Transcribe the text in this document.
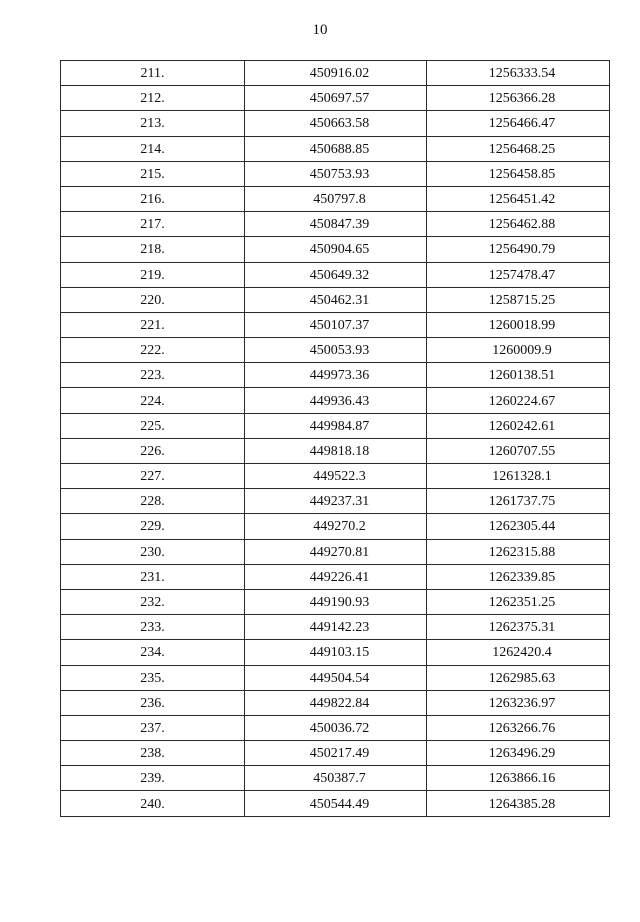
10
211.	450916.02	1256333.54
212.	450697.57	1256366.28
213.	450663.58	1256466.47
214.	450688.85	1256468.25
215.	450753.93	1256458.85
216.	450797.8	1256451.42
217.	450847.39	1256462.88
218.	450904.65	1256490.79
219.	450649.32	1257478.47
220.	450462.31	1258715.25
221.	450107.37	1260018.99
222.	450053.93	1260009.9
223.	449973.36	1260138.51
224.	449936.43	1260224.67
225.	449984.87	1260242.61
226.	449818.18	1260707.55
227.	449522.3	1261328.1
228.	449237.31	1261737.75
229.	449270.2	1262305.44
230.	449270.81	1262315.88
231.	449226.41	1262339.85
232.	449190.93	1262351.25
233.	449142.23	1262375.31
234.	449103.15	1262420.4
235.	449504.54	1262985.63
236.	449822.84	1263236.97
237.	450036.72	1263266.76
238.	450217.49	1263496.29
239.	450387.7	1263866.16
240.	450544.49	1264385.28
